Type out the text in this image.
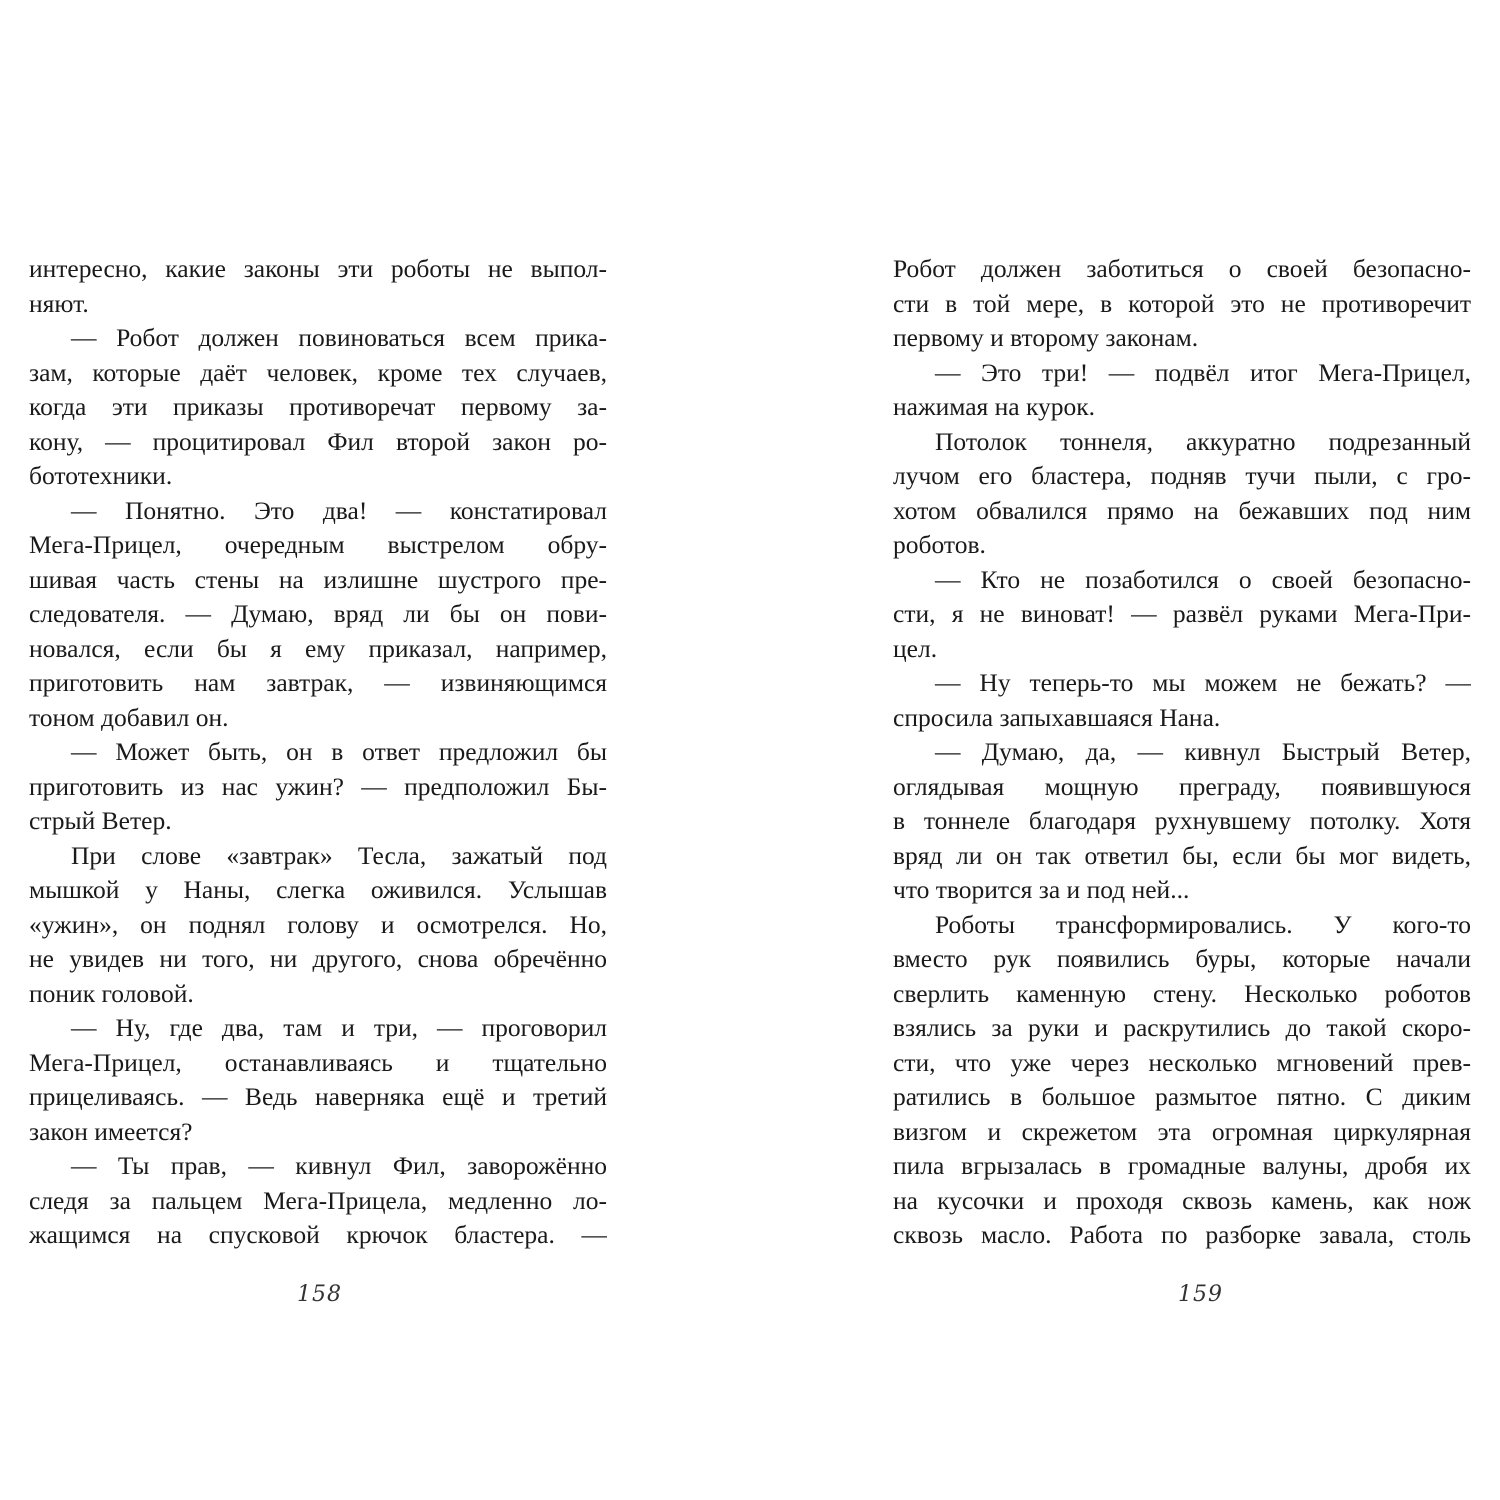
интересно, какие законы эти роботы не выпол-
няют.
— Робот должен повиноваться всем прика-
зам, которые даёт человек, кроме тех случаев,
когда эти приказы противоречат первому за-
кону, — процитировал Фил второй закон ро-
бототехники.
— Понятно. Это два! — констатировал
Мега-Прицел, очередным выстрелом обру-
шивая часть стены на излишне шустрого пре-
следователя. — Думаю, вряд ли бы он пови-
новался, если бы я ему приказал, например,
приготовить нам завтрак, — извиняющимся
тоном добавил он.
— Может быть, он в ответ предложил бы
приготовить из нас ужин? — предположил Бы-
стрый Ветер.
При слове «завтрак» Тесла, зажатый под
мышкой у Наны, слегка оживился. Услышав
«ужин», он поднял голову и осмотрелся. Но,
не увидев ни того, ни другого, снова обречённо
поник головой.
— Ну, где два, там и три, — проговорил
Мега-Прицел, останавливаясь и тщательно
прицеливаясь. — Ведь наверняка ещё и третий
закон имеется?
— Ты прав, — кивнул Фил, заворожённо
следя за пальцем Мега-Прицела, медленно ло-
жащимся на спусковой крючок бластера. —
Робот должен заботиться о своей безопасно-
сти в той мере, в которой это не противоречит
первому и второму законам.
— Это три! — подвёл итог Мега-Прицел,
нажимая на курок.
Потолок тоннеля, аккуратно подрезанный
лучом его бластера, подняв тучи пыли, с гро-
хотом обвалился прямо на бежавших под ним
роботов.
— Кто не позаботился о своей безопасно-
сти, я не виноват! — развёл руками Мега-При-
цел.
— Ну теперь-то мы можем не бежать? —
спросила запыхавшаяся Нана.
— Думаю, да, — кивнул Быстрый Ветер,
оглядывая мощную преграду, появившуюся
в тоннеле благодаря рухнувшему потолку. Хотя
вряд ли он так ответил бы, если бы мог видеть,
что творится за и под ней...
Роботы трансформировались. У кого-то
вместо рук появились буры, которые начали
сверлить каменную стену. Несколько роботов
взялись за руки и раскрутились до такой скоро-
сти, что уже через несколько мгновений прев-
ратились в большое размытое пятно. С диким
визгом и скрежетом эта огромная циркулярная
пила вгрызалась в громадные валуны, дробя их
на кусочки и проходя сквозь камень, как нож
сквозь масло. Работа по разборке завала, столь
158	159
